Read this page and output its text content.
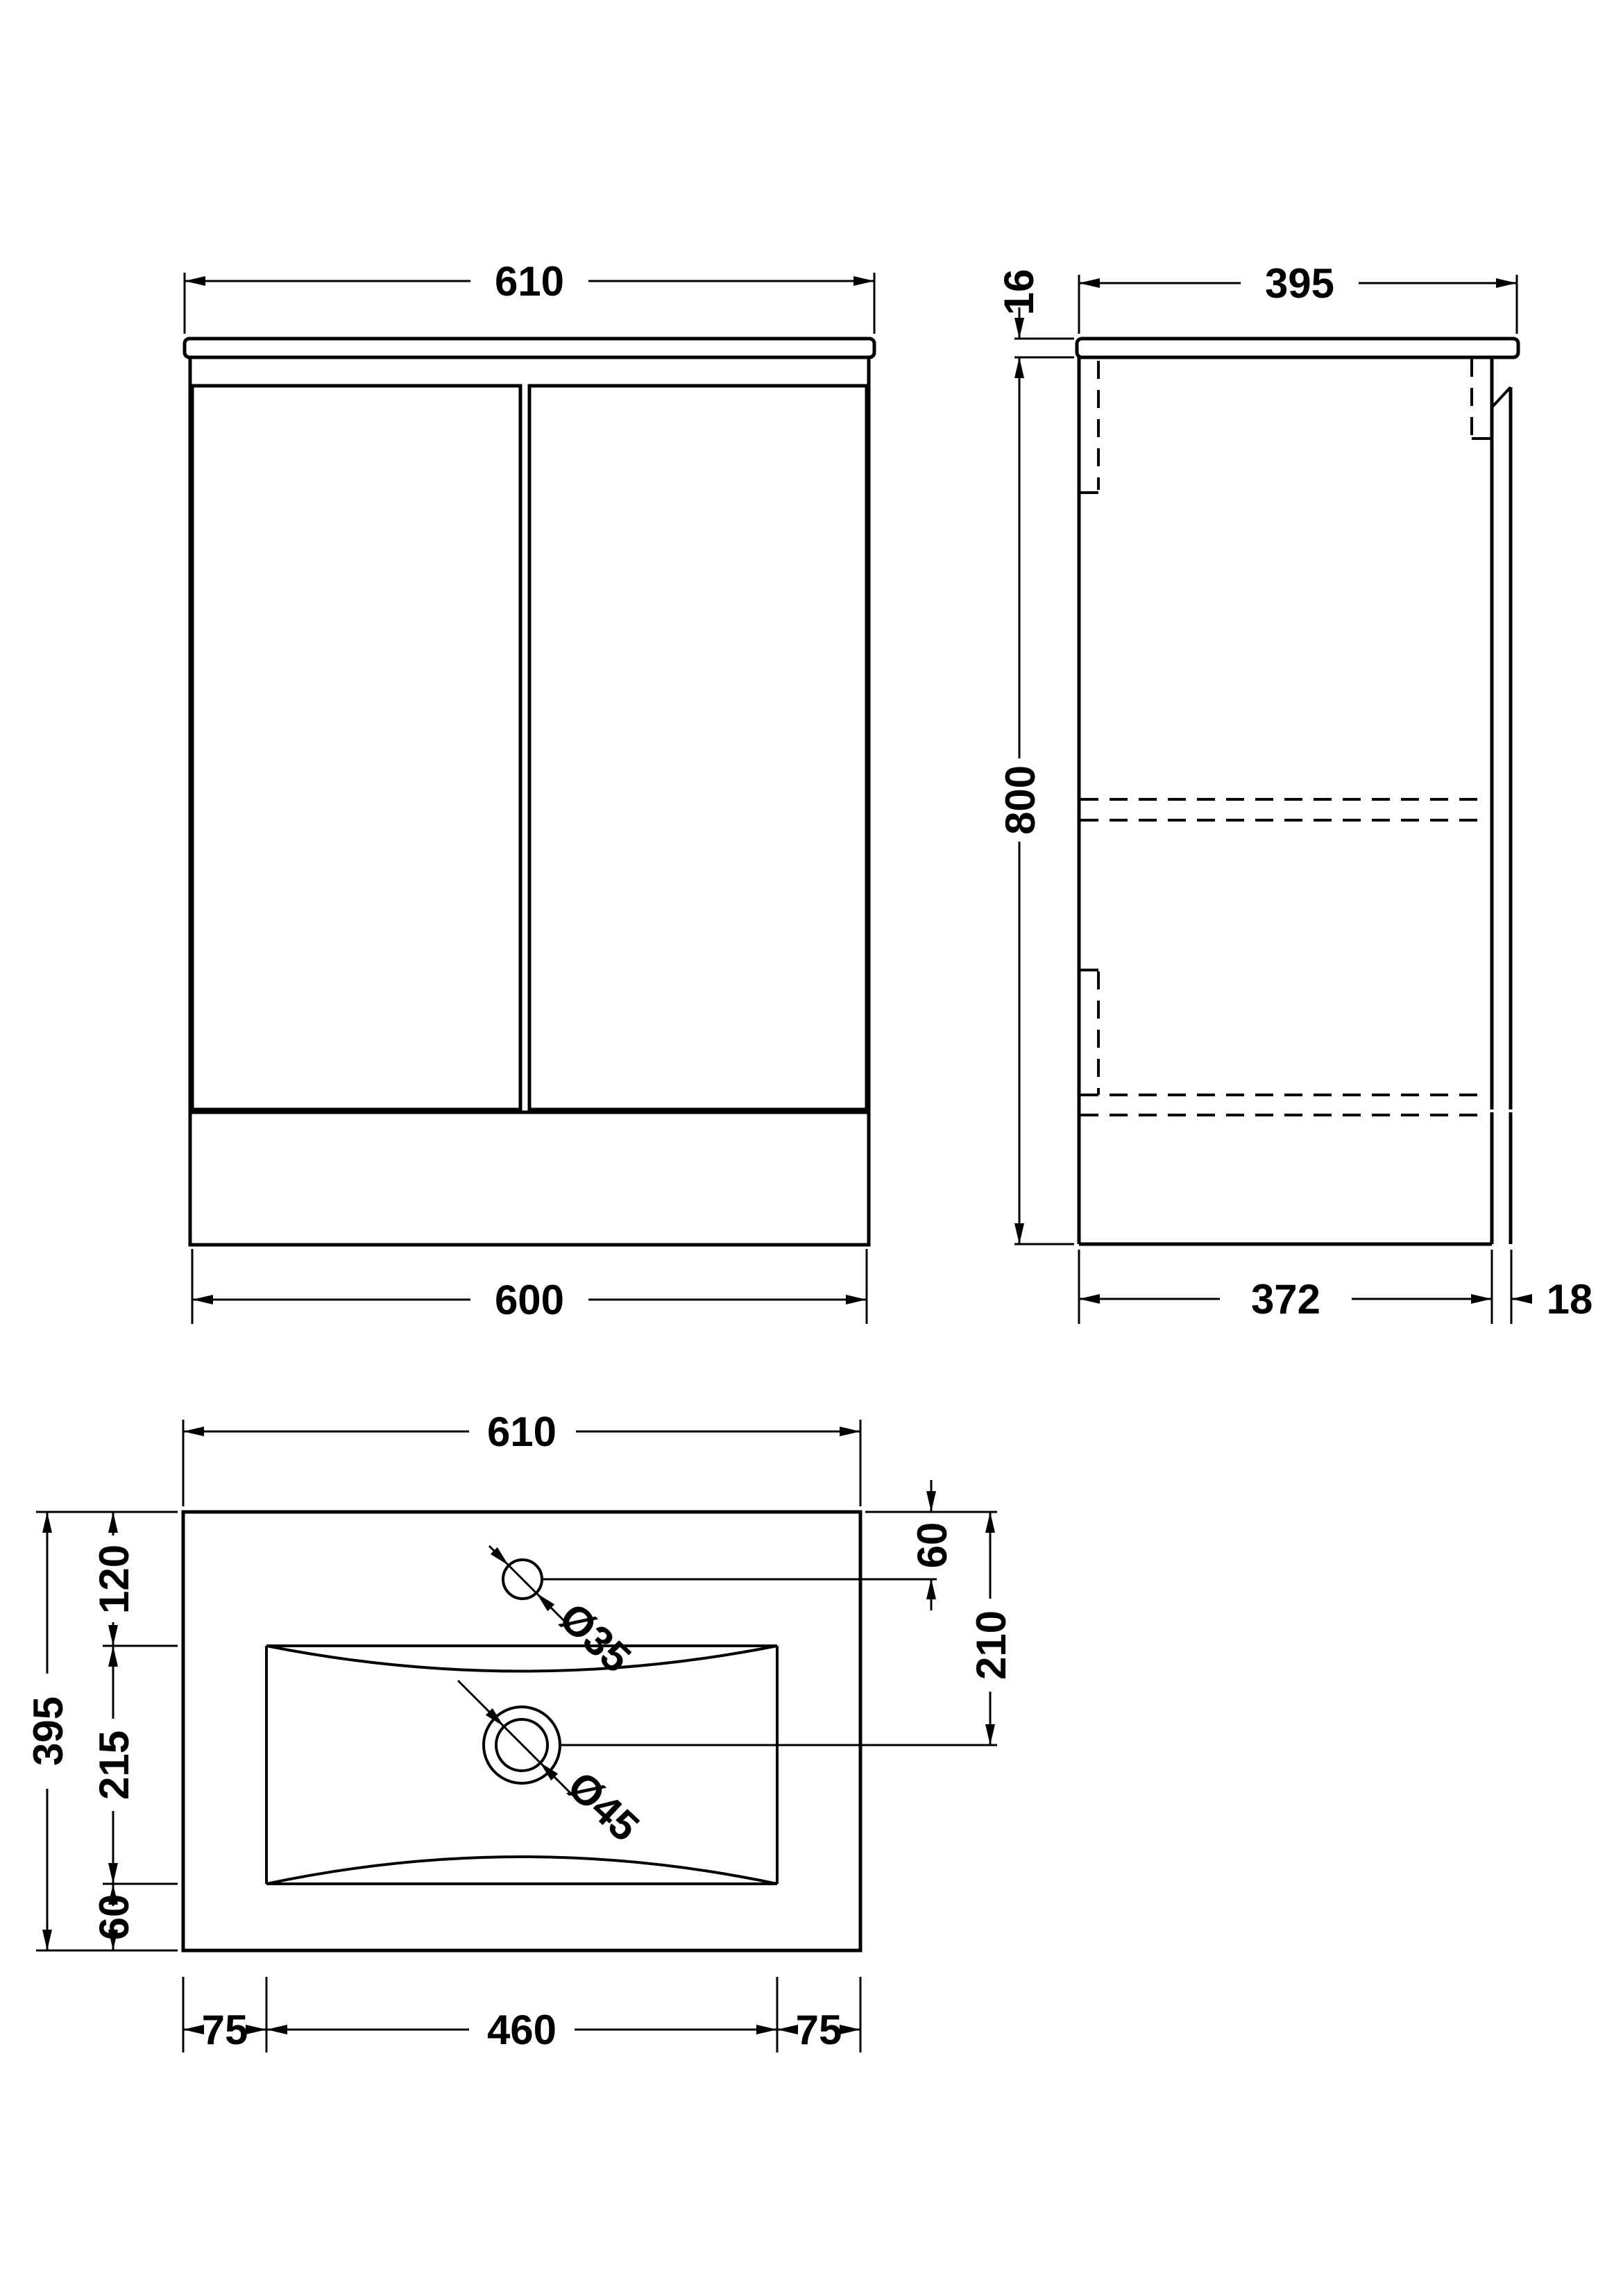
610
600
395
16
800
372	18
Ø35
Ø45
610
395
120
215
60
60
210
75	460	75
